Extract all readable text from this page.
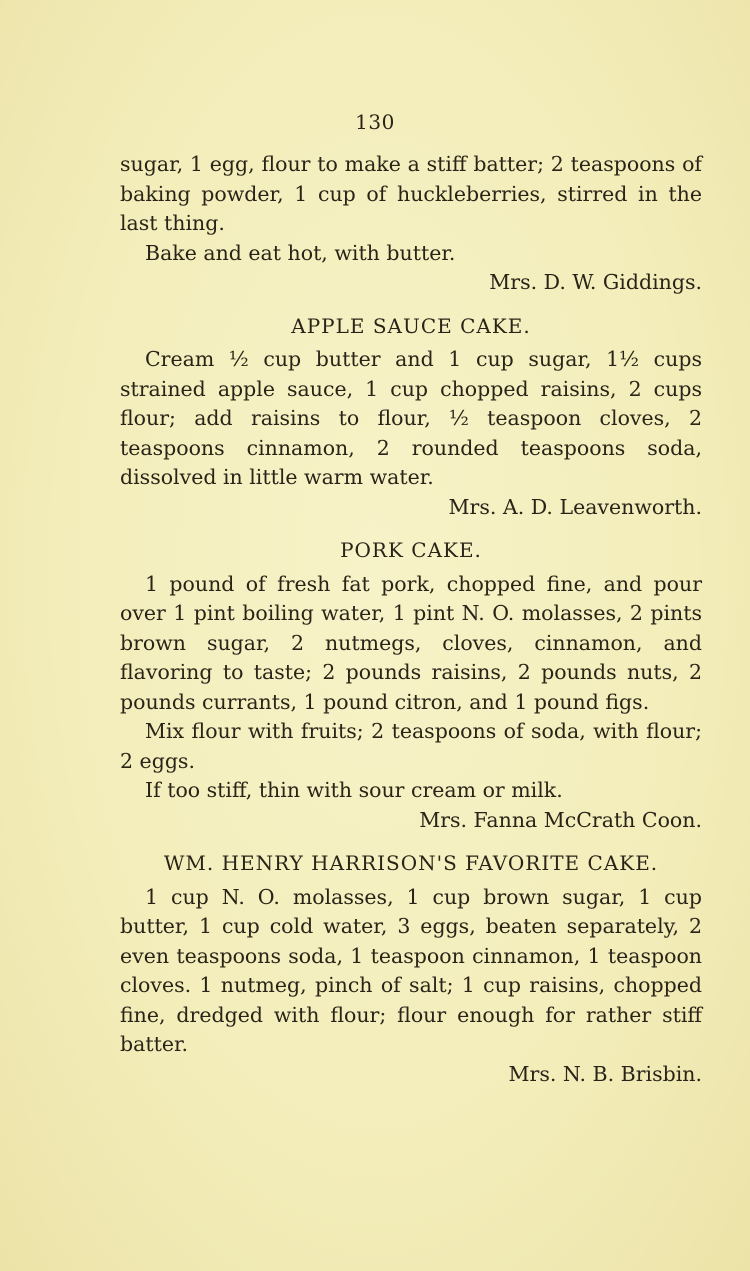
130

sugar, 1 egg, flour to make a stiff batter; 2 teaspoons of baking powder, 1 cup of huckleberries, stirred in the last thing.

Bake and eat hot, with butter.

Mrs. D. W. Giddings.

APPLE SAUCE CAKE.

Cream ½ cup butter and 1 cup sugar, 1½ cups strained apple sauce, 1 cup chopped raisins, 2 cups flour; add raisins to flour, ½ teaspoon cloves, 2 teaspoons cinnamon, 2 rounded teaspoons soda, dissolved in little warm water.

Mrs. A. D. Leavenworth.

PORK CAKE.

1 pound of fresh fat pork, chopped fine, and pour over 1 pint boiling water, 1 pint N. O. molasses, 2 pints brown sugar, 2 nutmegs, cloves, cinnamon, and flavoring to taste; 2 pounds raisins, 2 pounds nuts, 2 pounds currants, 1 pound citron, and 1 pound figs.

Mix flour with fruits; 2 teaspoons of soda, with flour; 2 eggs.

If too stiff, thin with sour cream or milk.

Mrs. Fanna McCrath Coon.

WM. HENRY HARRISON'S FAVORITE CAKE.

1 cup N. O. molasses, 1 cup brown sugar, 1 cup butter, 1 cup cold water, 3 eggs, beaten separately, 2 even teaspoons soda, 1 teaspoon cinnamon, 1 teaspoon cloves. 1 nutmeg, pinch of salt; 1 cup raisins, chopped fine, dredged with flour; flour enough for rather stiff batter.

Mrs. N. B. Brisbin.
